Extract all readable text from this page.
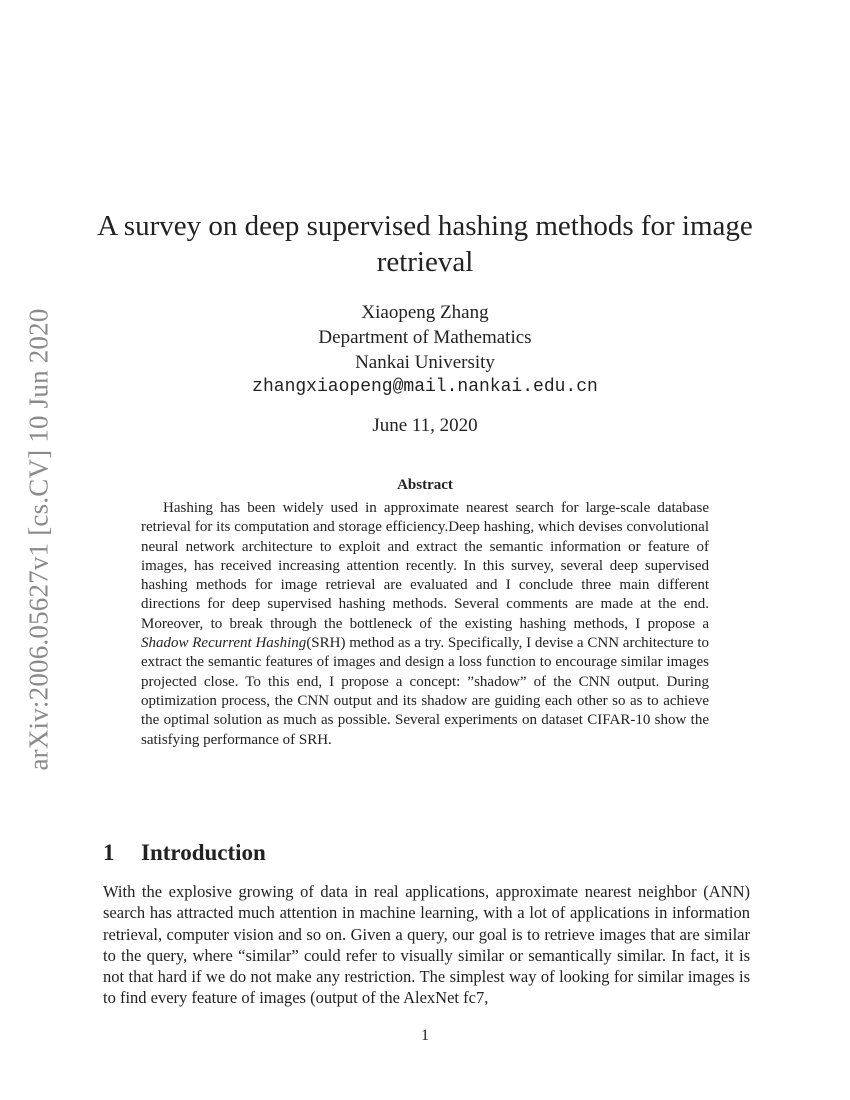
arXiv:2006.05627v1 [cs.CV] 10 Jun 2020
A survey on deep supervised hashing methods for image retrieval
Xiaopeng Zhang
Department of Mathematics
Nankai University
zhangxiaopeng@mail.nankai.edu.cn
June 11, 2020
Abstract

Hashing has been widely used in approximate nearest search for large-scale database retrieval for its computation and storage efficiency.Deep hashing, which devises convolutional neural network architecture to exploit and extract the semantic information or feature of images, has received increasing attention recently. In this survey, several deep supervised hashing methods for image retrieval are evaluated and I conclude three main different directions for deep supervised hashing methods. Several comments are made at the end. Moreover, to break through the bottleneck of the existing hashing methods, I propose a Shadow Recurrent Hashing(SRH) method as a try. Specifically, I devise a CNN architecture to extract the semantic features of images and design a loss function to encourage similar images projected close. To this end, I propose a concept: ”shadow” of the CNN output. During optimization process, the CNN output and its shadow are guiding each other so as to achieve the optimal solution as much as possible. Several experiments on dataset CIFAR-10 show the satisfying performance of SRH.

1 Introduction

With the explosive growing of data in real applications, approximate nearest neighbor (ANN) search has attracted much attention in machine learning, with a lot of applications in information retrieval, computer vision and so on. Given a query, our goal is to retrieve images that are similar to the query, where “similar” could refer to visually similar or semantically similar. In fact, it is not that hard if we do not make any restriction. The simplest way of looking for similar images is to find every feature of images (output of the AlexNet fc7,

1
